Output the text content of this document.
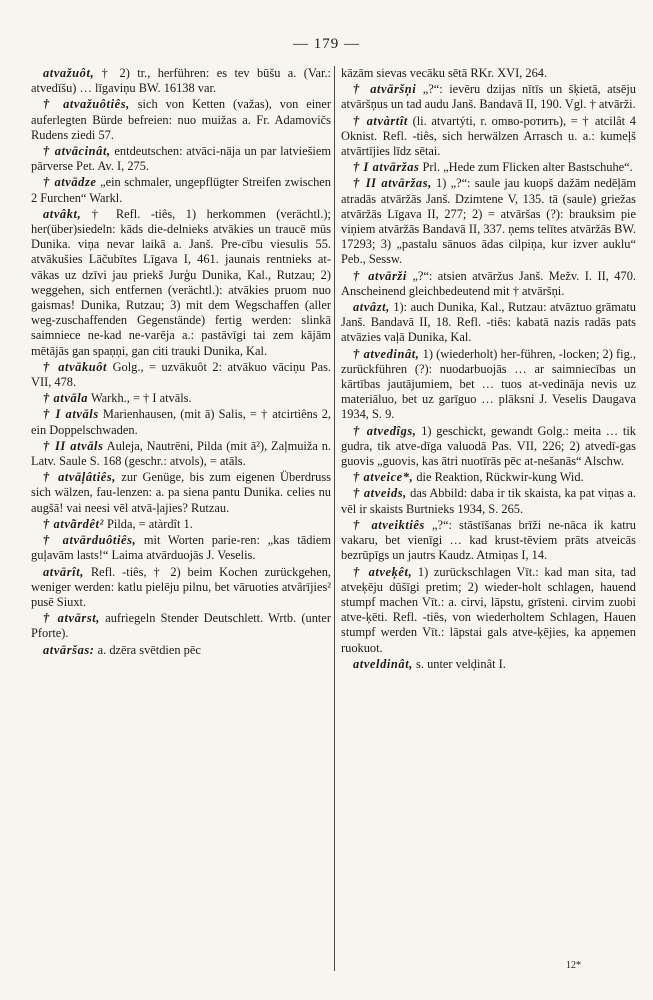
— 179 —

atvažuôt, † 2) tr., herführen: es tev būšu a. (Var.: atvedīšu) … līgaviņu BW. 16138 var.

† atvažuôtiês, sich von Ketten (važas), von einer auferlegten Bürde befreien: nuo muižas a. Fr. Adamovičs Rudens ziedi 57.

† atvācinât, entdeutschen: atvāci-nāja un par latviešiem pārverse Pet. Av. I, 275.

† atvādze „ein schmaler, ungepflügter Streifen zwischen 2 Furchen“ Warkl.

atvâkt, † Refl. -tiês, 1) herkommen (verächtl.); her(über)siedeln: kāds die-delnieks atvākies un traucē mūs Dunika. viņa nevar laikā a. Janš. Pre-cību viesulis 55. atvākušies Lāčubītes Līgava I, 461. jaunais rentnieks at-vākas uz dzīvi jau priekš Jurģu Dunika, Kal., Rutzau; 2) weggehen, sich entfernen (verächtl.): atvākies pruom nuo gaismas! Dunika, Rutzau; 3) mit dem Wegschaffen (aller weg-zuschaffenden Gegenstände) fertig werden: slinkā saimniece ne-kad ne-varēja a.: pastāvīgi tai zem kājām mētājās gan spaņņi, gan citi trauki Dunika, Kal.

† atvākuôt Golg., = uzvākuôt 2: atvākuo vāciņu Pas. VII, 478.

† atvāla Warkh., = † I atvāls.

† I atvāls Marienhausen, (mit ā) Salis, = † atcirtiêns 2, ein Doppelschwaden.

† II atvāls Auleja, Nautrēni, Pilda (mit ā²), Zaļmuiža n. Latv. Saule S. 168 (geschr.: atvols), = atāls.

† atvāļâtiês, zur Genüge, bis zum eigenen Überdruss sich wälzen, fau-lenzen: a. pa siena pantu Dunika. celies nu augšā! vai neesi vēl atvā-ļajies? Rutzau.

† atvãrdêt² Pilda, = atàrdît 1.

† atvārduôtiês, mit Worten parie-ren: „kas tādiem guļavām lasts!“ Laima atvārduojās J. Veselis.

atvārît, Refl. -tiês, † 2) beim Kochen zurückgehen, weniger werden: katlu pielēju pilnu, bet vāruoties atvârījies² pusē Siuxt.

† atvārst, aufriegeln Stender Deutschlett. Wrtb. (unter Pforte).

atvāršas: a. dzēra svētdien pēc

kāzām sievas vecāku sētā RKr. XVI, 264.

† atvāršņi „?“: ievēru dzijas nītīs un šķietā, atsēju atvāršņus un tad audu Janš. Bandavā II, 190. Vgl. † atvārži.

† atvàrtît (li. atvartýti, r. omво-ротить), = † atcilât 4 Oknist. Refl. -tiês, sich herwälzen Arrasch u. a.: kumeļš atvārtījies līdz sētai.

† I atvāržas Prl. „Hede zum Flicken alter Bastschuhe“.

† II atvāržas, 1) „?“: saule jau kuopš dažām nedēļām atradās atvāržās Janš. Dzimtene V, 135. tā (saule) griežas atvāržās Līgava II, 277; 2) = atvāršas (?): brauksim pie viņiem atvāržās Bandavā II, 337. ņems telītes atvāržās BW. 17293; 3) „pastalu sānuos ādas cilpiņa, kur izver auklu“ Peb., Sessw.

† atvārži „?“: atsien atvāržus Janš. Mežv. I. II, 470. Anscheinend gleichbedeutend mit † atvāršņi.

atvâzt, 1): auch Dunika, Kal., Rutzau: atvāztuo grāmatu Janš. Bandavā II, 18. Refl. -tiês: kabatā nazis radās pats atvāzies vaļā Dunika, Kal.

† atvedinât, 1) (wiederholt) her-führen, -locken; 2) fig., zurückführen (?): nuodarbuojās … ar saimniecības un kārtības jautājumiem, bet … tuos at-vedināja nevis uz materiāluo, bet uz garīguo … plāksni J. Veselis Daugava 1934, S. 9.

† atvedîgs, 1) geschickt, gewandt Golg.: meita … tik gudra, tik atve-dīga valuodā Pas. VII, 226; 2) atvedī-gas guovis „guovis, kas ātri nuotīrās pēc at-nešanās“ Alschw.

† atveice*, die Reaktion, Rückwir-kung Wid.

† atveids, das Abbild: daba ir tik skaista, ka pat viņas a. vēl ir skaists Burtnieks 1934, S. 265.

† atveiktiês „?“: stāstīšanas brīži ne-nāca ik katru vakaru, bet vienīgi … kad krust-tēviem prāts atveicās bezrūpīgs un jautrs Kaudz. Atmiņas I, 14.

† atveķêt, 1) zurückschlagen Vīt.: kad man sita, tad atveķēju dūšīgi pretim; 2) wieder-holt schlagen, hauend stumpf machen Vīt.: a. cirvi, lāpstu, grīsteni. cirvim zuobi atve-ķēti. Refl. -tiês, von wiederholtem Schlagen, Hauen stumpf werden Vīt.: lāpstai gals atve-ķējies, ka apņemen ruokuot.

atveldinât, s. unter velḑinât I.

12*
